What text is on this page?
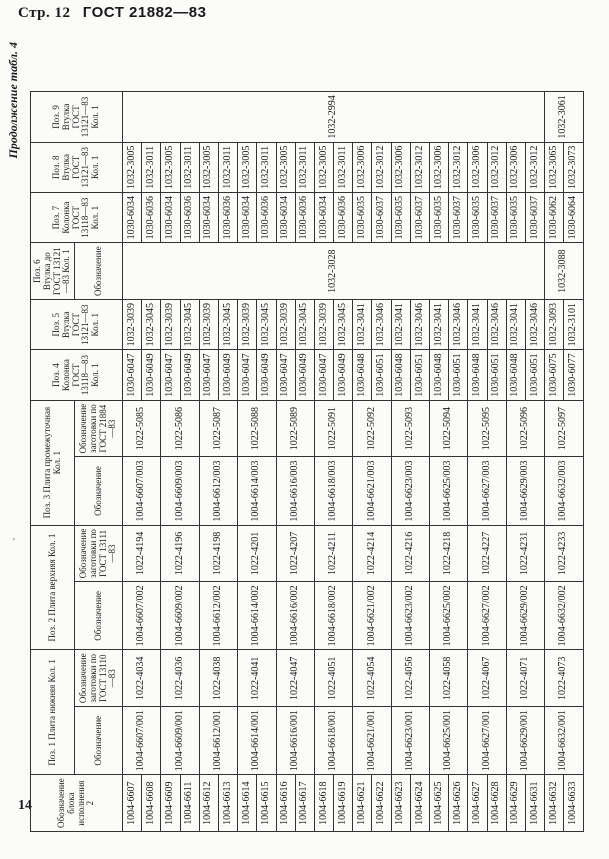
Стр. 12 ГОСТ 21882—83
14
'
Продолжение табл. 4
Обозначение блока исполнения 2	Поз. 1 Плита нижняя Кол. 1		Поз. 2 Плита верхняя Кол. 1		Поз. 3 Плита промежуточная Кол. 1		Поз. 4 Колонка ГОСТ 13118—83 Кол. 1	Поз. 5 Втулка ГОСТ 13121—83 Кол. 1	Поз. 6 Втулка до ГОСТ 13121—83 Кол. 1	Поз. 7 Колонка ГОСТ 13118—83 Кол. 1	Поз. 8 Втулка ГОСТ 13121—83 Кол. 1	Поз. 9 Втулка ГОСТ 13121—83 Кол. 1
	Обозначение	Обозначение заготовки по ГОСТ 13110—83	Обозначение	Обозначение заготовки по ГОСТ 13111—83	Обозначение	Обозначение заготовки по ГОСТ 21884—83			Обозначение			
1004-6607	1004-6607/001	1022-4034	1004-6607/002	1022-4194	1004-6607/003	1022-5085	1030-6047	1032-3039	1032-3028	1030-6034	1032-3005	1032-2994
1004-6608							1030-6049	1032-3045		1030-6036	1032-3011	
1004-6609	1004-6609/001	1022-4036	1004-6609/002	1022-4196	1004-6609/003	1022-5086	1030-6047	1032-3039		1030-6034	1032-3005	
1004-6611							1030-6049	1032-3045		1030-6036	1032-3011	
1004-6612	1004-6612/001	1022-4038	1004-6612/002	1022-4198	1004-6612/003	1022-5087	1030-6047	1032-3039		1030-6034	1032-3005	
1004-6613							1030-6049	1032-3045		1030-6036	1032-3011	
1004-6614	1004-6614/001	1022-4041	1004-6614/002	1022-4201	1004-6614/003	1022-5088	1030-6047	1032-3039		1030-6034	1032-3005	
1004-6615							1030-6049	1032-3045		1030-6036	1032-3011	
1004-6616	1004-6616/001	1022-4047	1004-6616/002	1022-4207	1004-6616/003	1022-5089	1030-6047	1032-3039		1030-6034	1032-3005	
1004-6617							1030-6049	1032-3045		1030-6036	1032-3011	
1004-6618	1004-6618/001	1022-4051	1004-6618/002	1022-4211	1004-6618/003	1022-5091	1030-6047	1032-3039		1030-6034	1032-3005	
1004-6619							1030-6049	1032-3045		1030-6036	1032-3011	
1004-6621	1004-6621/001	1022-4054	1004-6621/002	1022-4214	1004-6621/003	1022-5092	1030-6048	1032-3041		1030-6035	1032-3006	
1004-6622							1030-6051	1032-3046		1030-6037	1032-3012	
1004-6623	1004-6623/001	1022-4056	1004-6623/002	1022-4216	1004-6623/003	1022-5093	1030-6048	1032-3041		1030-6035	1032-3006	
1004-6624							1030-6051	1032-3046		1030-6037	1032-3012	
1004-6625	1004-6625/001	1022-4058	1004-6625/002	1022-4218	1004-6625/003	1022-5094	1030-6048	1032-3041		1030-6035	1032-3006	
1004-6626							1030-6051	1032-3046		1030-6037	1032-3012	
1004-6627	1004-6627/001	1022-4067	1004-6627/002	1022-4227	1004-6627/003	1022-5095	1030-6048	1032-3041		1030-6035	1032-3006	
1004-6628							1030-6051	1032-3046		1030-6037	1032-3012	
1004-6629	1004-6629/001	1022-4071	1004-6629/002	1022-4231	1004-6629/003	1022-5096	1030-6048	1032-3041		1030-6035	1032-3006	
1004-6631							1030-6051	1032-3046		1030-6037	1032-3012	
1004-6632	1004-6632/001	1022-4073	1004-6632/002	1022-4233	1004-6632/003	1022-5097	1030-6075	1032-3093	1032-3088	1030-6062	1032-3065	1032-3061
1004-6633							1030-6077	1032-3101		1030-6064	1032-3073	
